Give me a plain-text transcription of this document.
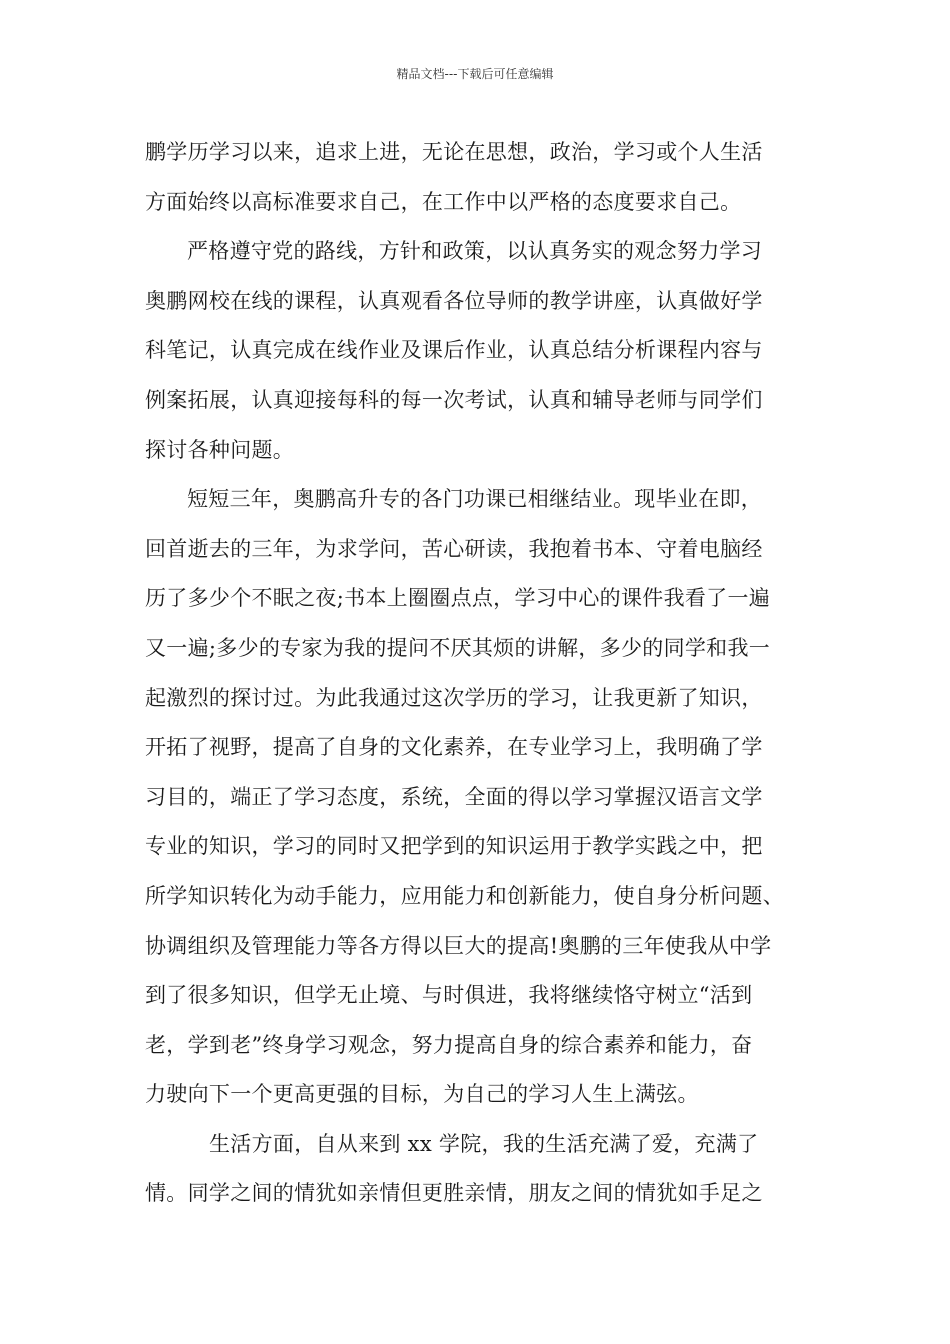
精品文档---下载后可任意编辑
鹏学历学习以来，追求上进，无论在思想，政治，学习或个人生活
方面始终以高标准要求自己，在工作中以严格的态度要求自己。
严格遵守党的路线，方针和政策，以认真务实的观念努力学习
奥鹏网校在线的课程，认真观看各位导师的教学讲座，认真做好学
科笔记，认真完成在线作业及课后作业，认真总结分析课程内容与
例案拓展，认真迎接每科的每一次考试，认真和辅导老师与同学们
探讨各种问题。
短短三年，奥鹏高升专的各门功课已相继结业。现毕业在即，
回首逝去的三年，为求学问，苦心研读，我抱着书本、守着电脑经
历了多少个不眠之夜;书本上圈圈点点，学习中心的课件我看了一遍
又一遍;多少的专家为我的提问不厌其烦的讲解，多少的同学和我一
起激烈的探讨过。为此我通过这次学历的学习，让我更新了知识，
开拓了视野，提高了自身的文化素养，在专业学习上，我明确了学
习目的，端正了学习态度，系统，全面的得以学习掌握汉语言文学
专业的知识，学习的同时又把学到的知识运用于教学实践之中，把
所学知识转化为动手能力，应用能力和创新能力，使自身分析问题、
协调组织及管理能力等各方得以巨大的提高!奥鹏的三年使我从中学
到了很多知识，但学无止境、与时俱进，我将继续恪守树立“活到
老，学到老”终身学习观念，努力提高自身的综合素养和能力，奋
力驶向下一个更高更强的目标，为自己的学习人生上满弦。
生活方面，自从来到 xx 学院，我的生活充满了爱，充满了
情。同学之间的情犹如亲情但更胜亲情，朋友之间的情犹如手足之
